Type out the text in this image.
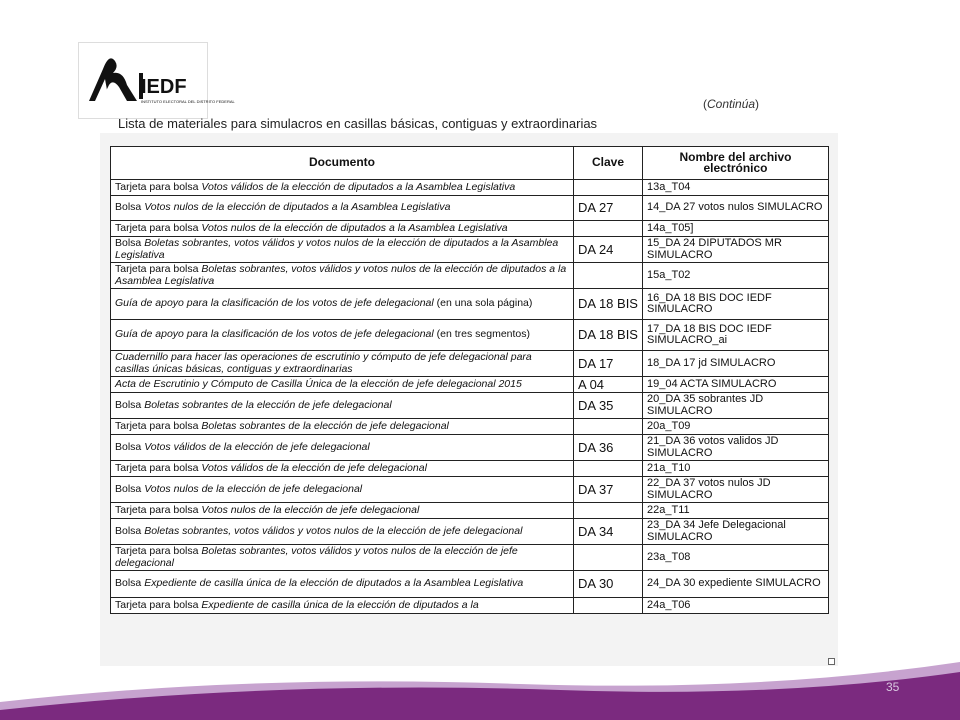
IEDF
INSTITUTO ELECTORAL DEL DISTRITO FEDERAL	(Continúa)
Lista de materiales para simulacros en casillas básicas, contiguas y extraordinarias
Documento	Clave	Nombre del archivo electrónico
Tarjeta para bolsa Votos válidos de la elección de diputados a la Asamblea Legislativa		13a_T04
Bolsa Votos nulos de la elección de diputados a la Asamblea Legislativa	DA 27	14_DA 27 votos nulos SIMULACRO
Tarjeta para bolsa Votos nulos de la elección de diputados a la Asamblea Legislativa		14a_T05]
Bolsa Boletas sobrantes, votos válidos y votos nulos de la elección de diputados a la Asamblea Legislativa	DA 24	15_DA 24 DIPUTADOS MR SIMULACRO
Tarjeta para bolsa Boletas sobrantes, votos válidos y votos nulos de la elección de diputados a la Asamblea Legislativa		15a_T02
Guía de apoyo para la clasificación de los votos de jefe delegacional (en una sola página)	DA 18 BIS	16_DA 18 BIS DOC IEDF SIMULACRO
Guía de apoyo para la clasificación de los votos de jefe delegacional (en tres segmentos)	DA 18 BIS	17_DA 18 BIS DOC IEDF SIMULACRO_ai
Cuadernillo para hacer las operaciones de escrutinio y cómputo de jefe delegacional para casillas únicas básicas, contiguas y extraordinarias	DA 17	18_DA 17 jd SIMULACRO
Acta de Escrutinio y Cómputo de Casilla Única de la elección de jefe delegacional 2015	A 04	19_04 ACTA SIMULACRO
Bolsa Boletas sobrantes de la elección de jefe delegacional	DA 35	20_DA 35 sobrantes JD SIMULACRO
Tarjeta para bolsa Boletas sobrantes de la elección de jefe delegacional		20a_T09
Bolsa Votos válidos de la elección de jefe delegacional	DA 36	21_DA 36 votos validos JD SIMULACRO
Tarjeta para bolsa Votos válidos de la elección de jefe delegacional		21a_T10
Bolsa Votos nulos de la elección de jefe delegacional	DA 37	22_DA 37 votos nulos JD SIMULACRO
Tarjeta para bolsa Votos nulos de la elección de jefe delegacional		22a_T11
Bolsa Boletas sobrantes, votos válidos y votos nulos de la elección de jefe delegacional	DA 34	23_DA 34 Jefe Delegacional SIMULACRO
Tarjeta para bolsa Boletas sobrantes, votos válidos y votos nulos de la elección de jefe delegacional		23a_T08
Bolsa Expediente de casilla única de la elección de diputados a la Asamblea Legislativa	DA 30	24_DA 30 expediente SIMULACRO
Tarjeta para bolsa Expediente de casilla única de la elección de diputados a la		24a_T06
35
